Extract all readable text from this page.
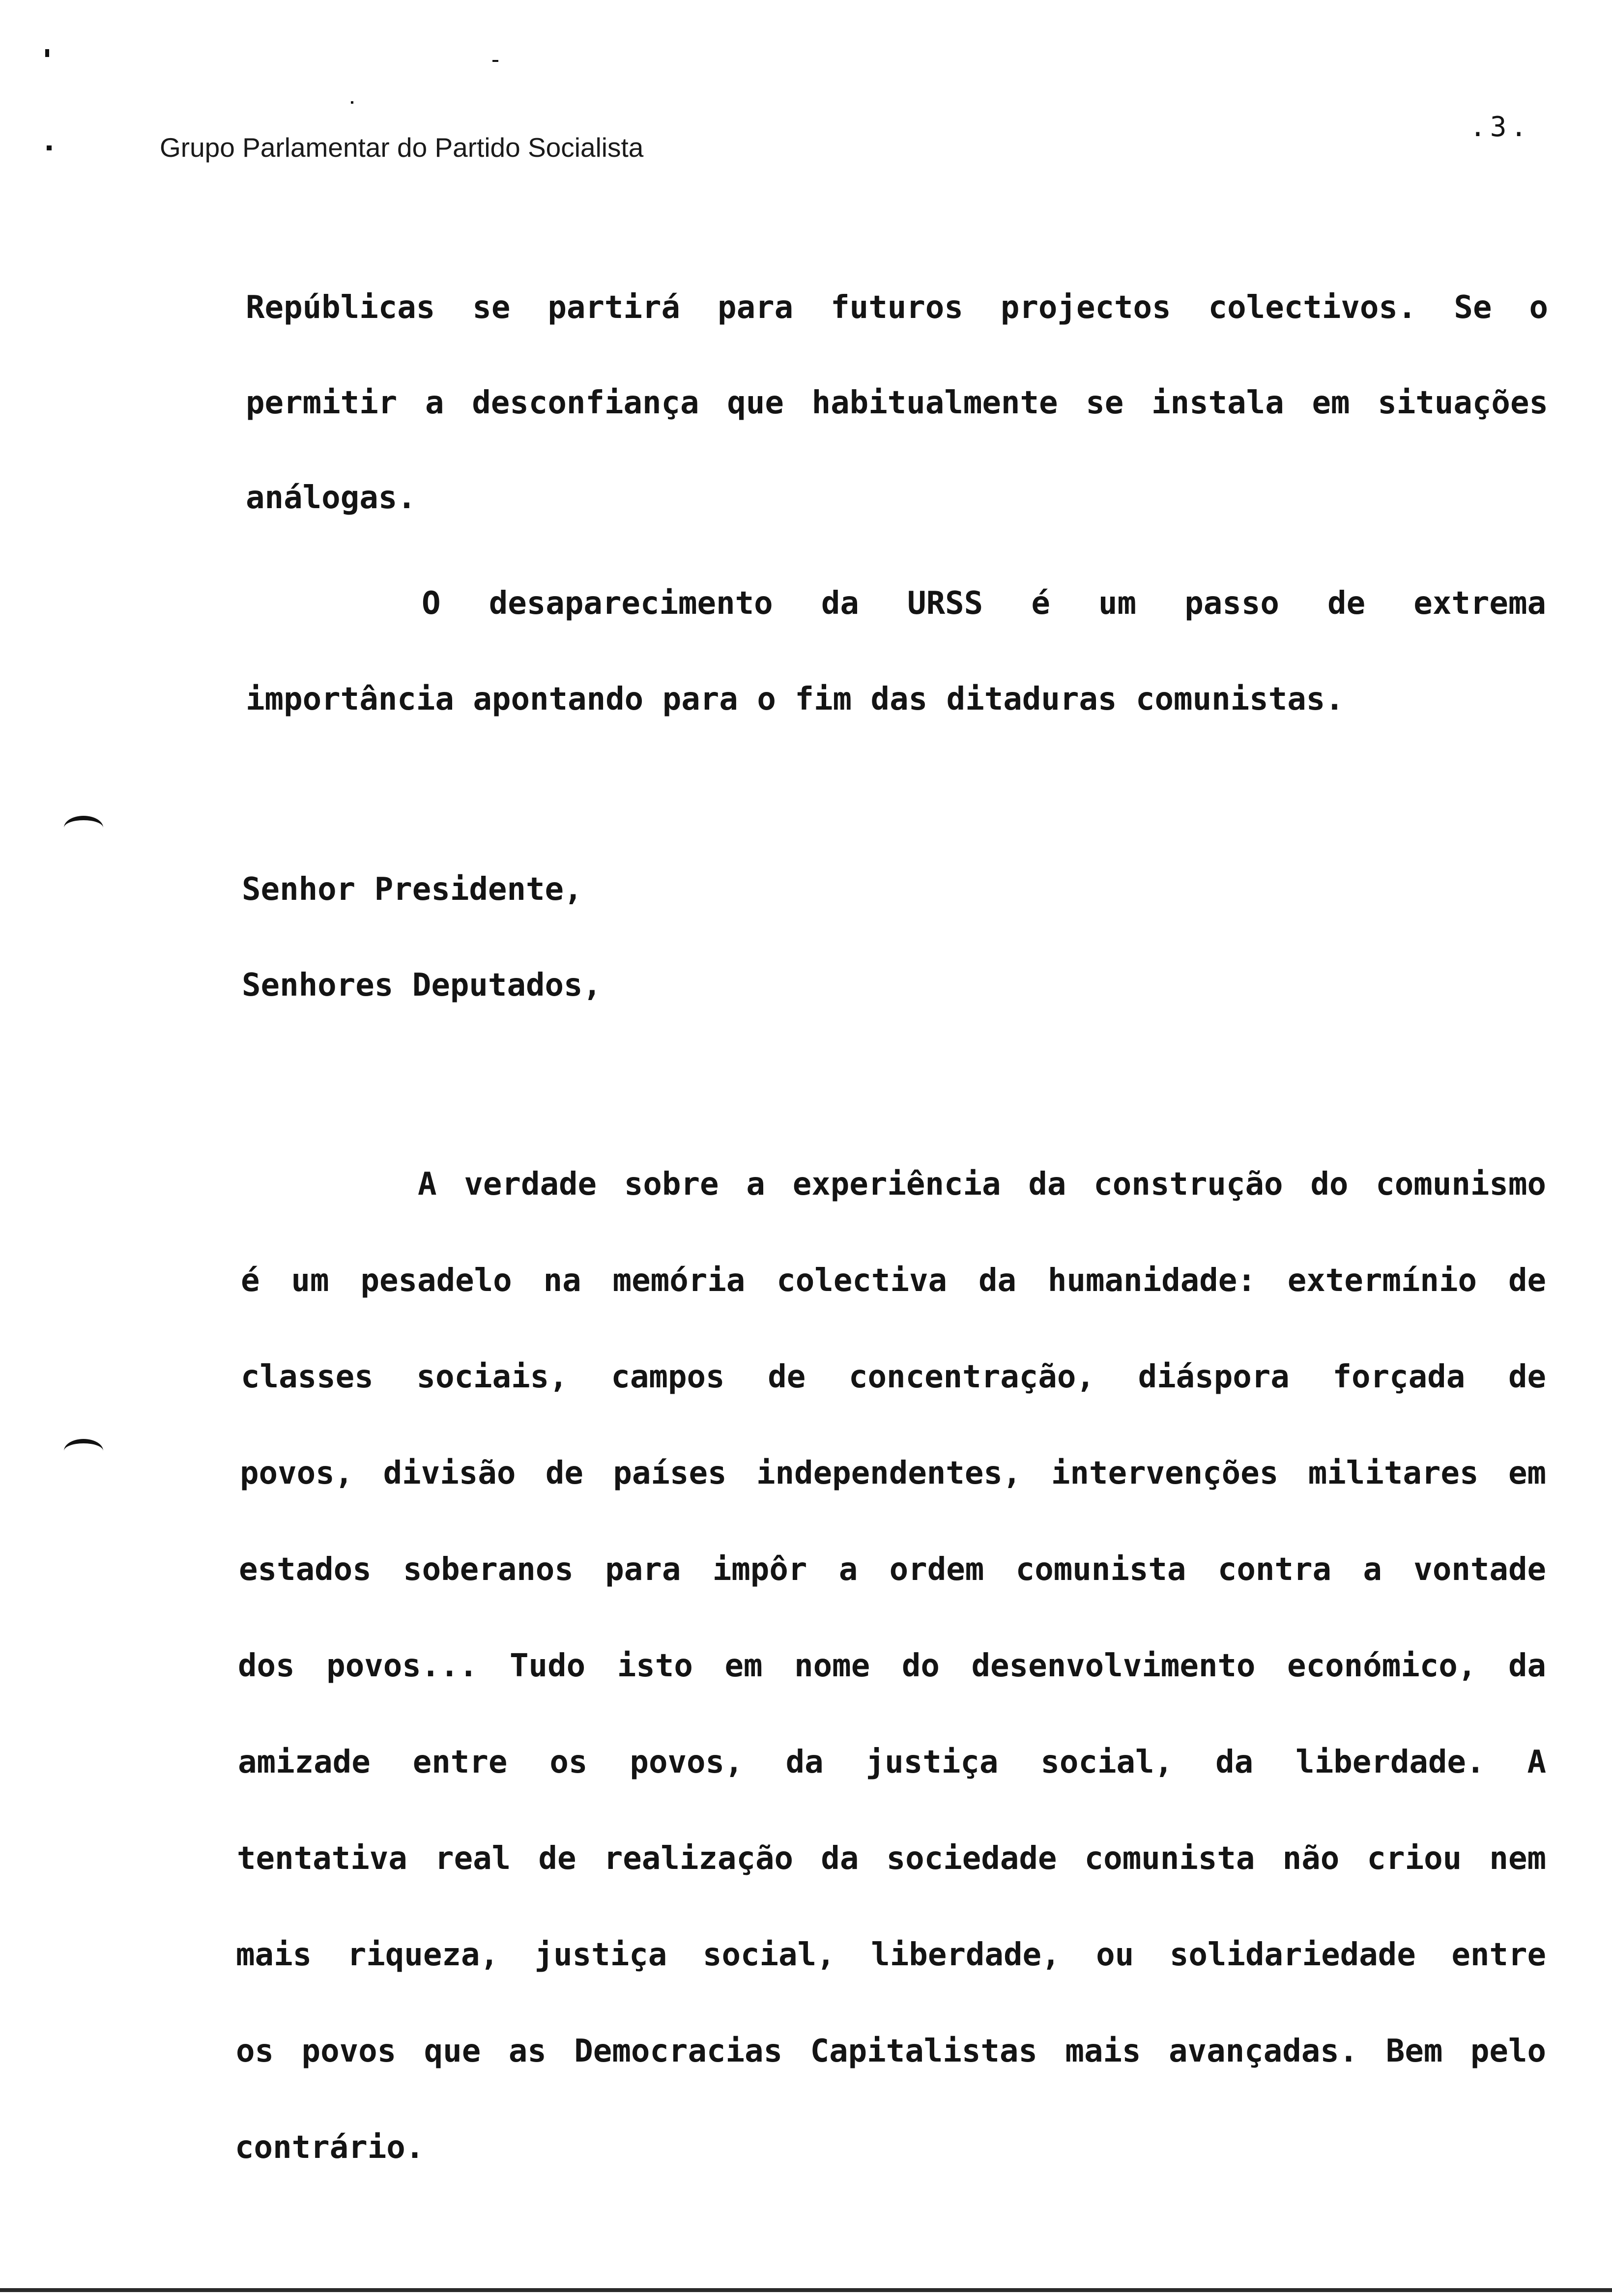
Grupo Parlamentar do Partido Socialista
.3.
Repúblicas se partirá para futuros projectos colectivos. Se o
permitir a desconfiança que habitualmente se instala em situações
análogas.
O desaparecimento da URSS é um passo de extrema
importância apontando para o fim das ditaduras comunistas.
Senhor Presidente,
Senhores Deputados,
A verdade sobre a experiência da construção do comunismo
é um pesadelo na memória colectiva da humanidade: extermínio de
classes sociais, campos de concentração, diáspora forçada de
povos, divisão de países independentes, intervenções militares em
estados soberanos para impôr a ordem comunista contra a vontade
dos povos... Tudo isto em nome do desenvolvimento económico, da
amizade entre os povos, da justiça social, da liberdade. A
tentativa real de realização da sociedade comunista não criou nem
mais riqueza, justiça social, liberdade, ou solidariedade entre
os povos que as Democracias Capitalistas mais avançadas. Bem pelo
contrário.
